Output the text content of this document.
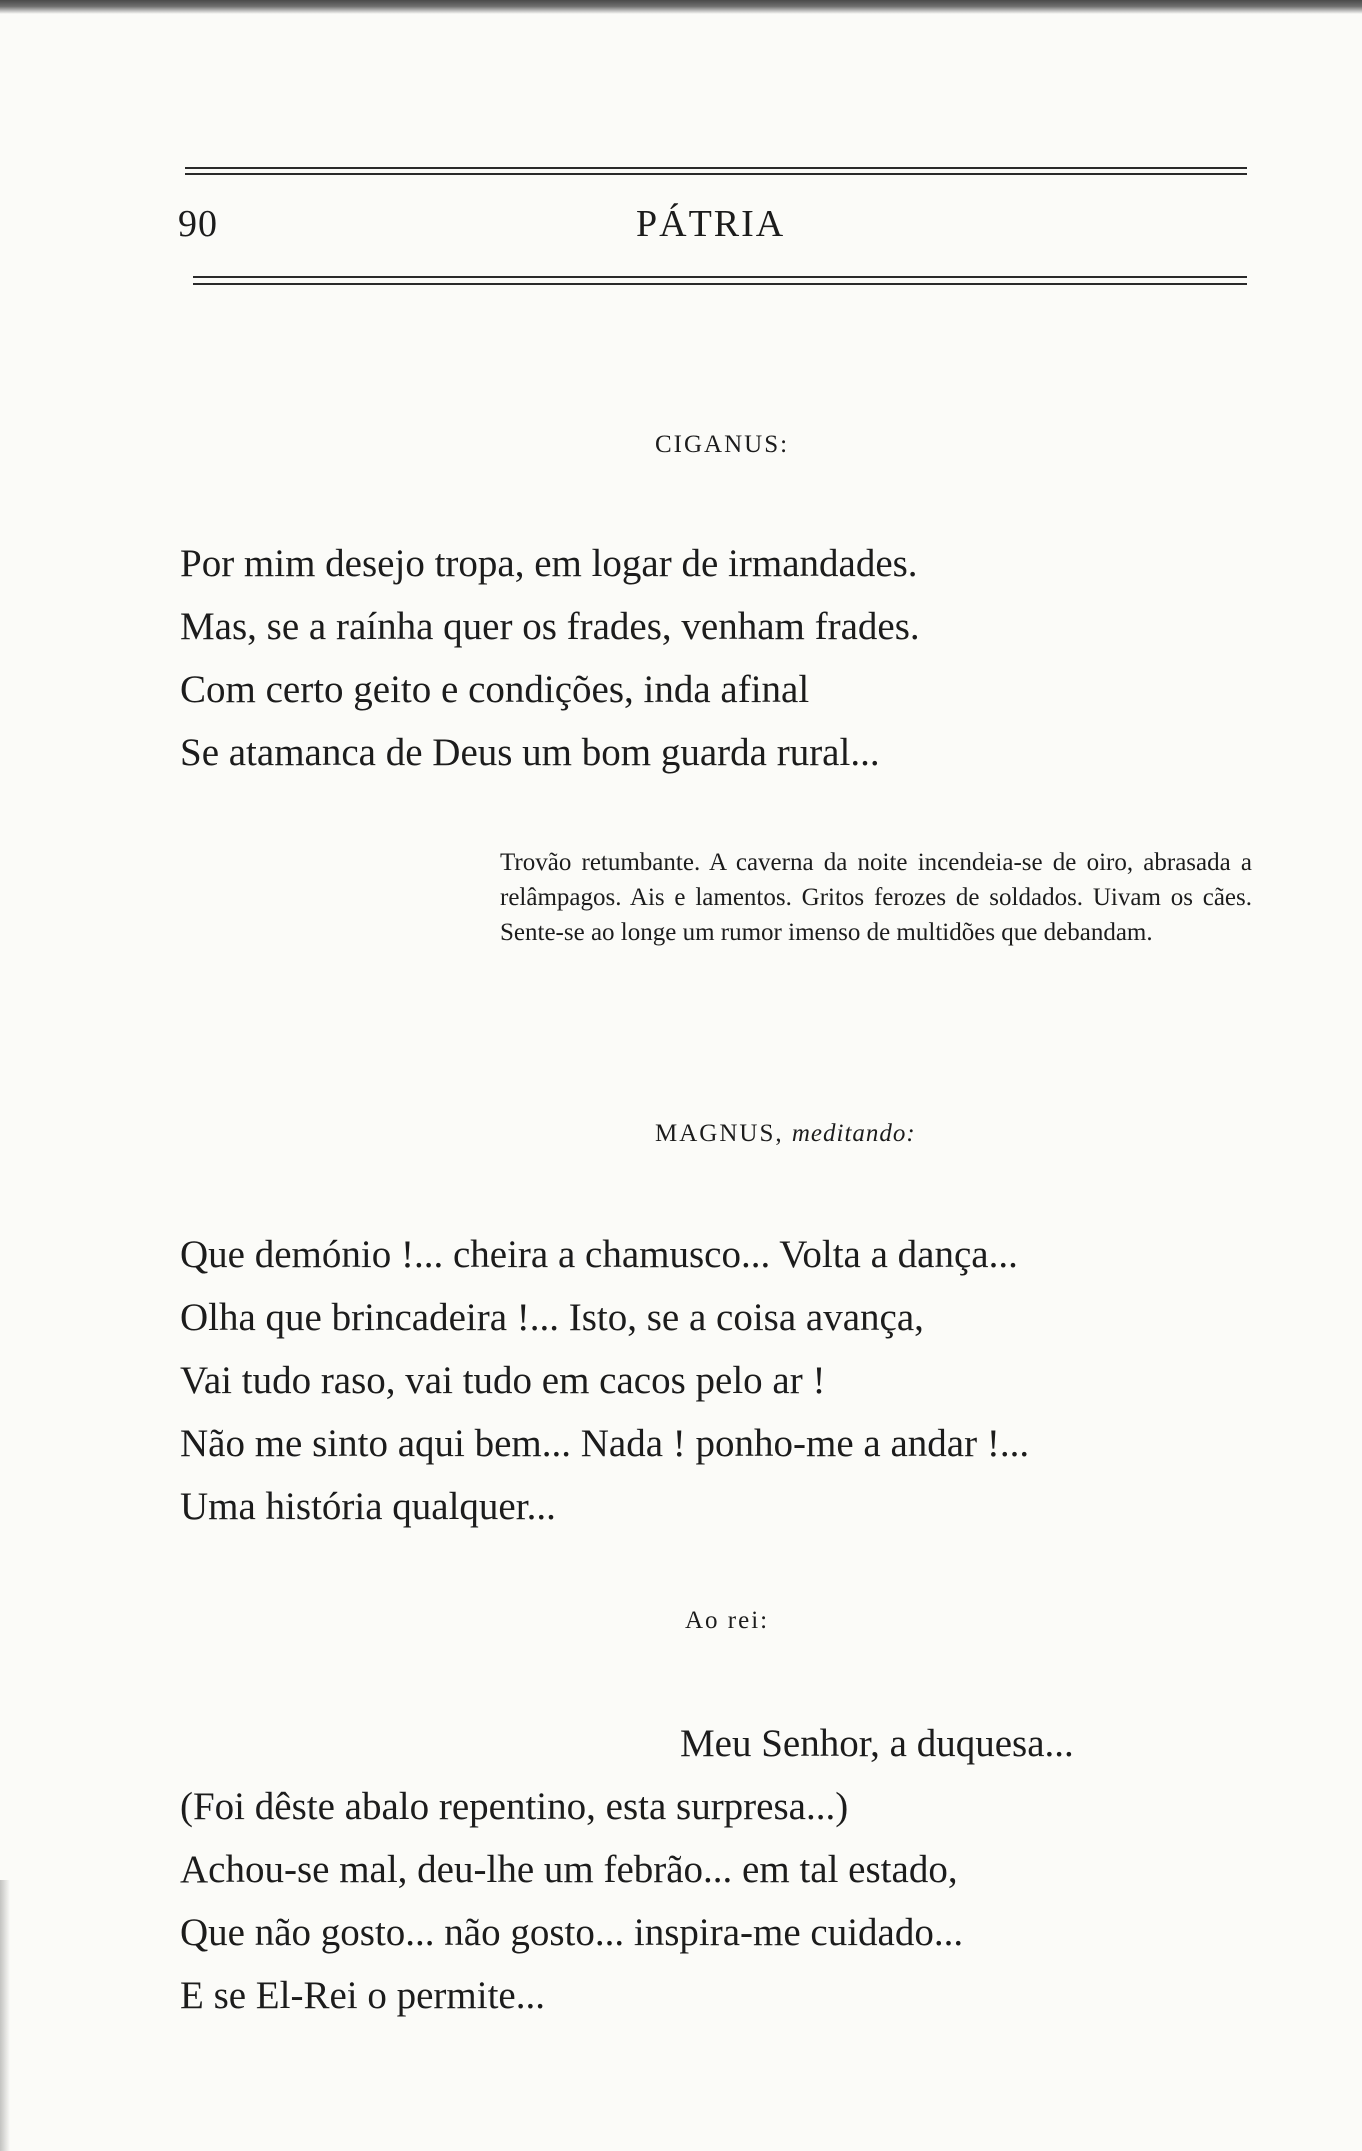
90	PÁTRIA
CIGANUS:

Por mim desejo tropa, em logar de irmandades.

Mas, se a raínha quer os frades, venham frades.

Com certo geito e condições, inda afinal

Se atamanca de Deus um bom guarda rural...

Trovão retumbante. A caverna da noite incendeia-se de oiro, abrasada a relâmpagos. Ais e lamentos. Gritos ferozes de soldados. Uivam os cães. Sente-se ao longe um rumor imenso de multidões que debandam.
MAGNUS, meditando:

Que demónio !... cheira a chamusco... Volta a dança...

Olha que brincadeira !... Isto, se a coisa avança,

Vai tudo raso, vai tudo em cacos pelo ar !

Não me sinto aqui bem... Nada ! ponho-me a andar !...

Uma história qualquer...

Ao rei:

Meu Senhor, a duquesa...

(Foi dêste abalo repentino, esta surpresa...)

Achou-se mal, deu-lhe um febrão... em tal estado,

Que não gosto... não gosto... inspira-me cuidado...

E se El-Rei o permite...
